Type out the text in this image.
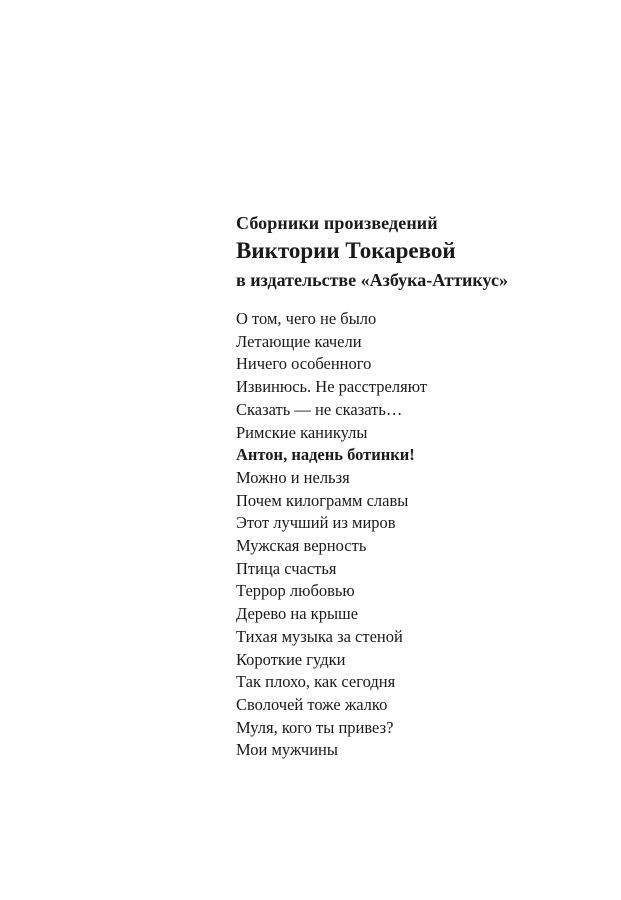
Сборники произведений
Виктории Токаревой
в издательстве «Азбука-Аттикус»
О том, чего не было
Летающие качели
Ничего особенного
Извинюсь. Не расстреляют
Сказать — не сказать…
Римские каникулы
Антон, надень ботинки!
Можно и нельзя
Почем килограмм славы
Этот лучший из миров
Мужская верность
Птица счастья
Террор любовью
Дерево на крыше
Тихая музыка за стеной
Короткие гудки
Так плохо, как сегодня
Сволочей тоже жалко
Муля, кого ты привез?
Мои мужчины
